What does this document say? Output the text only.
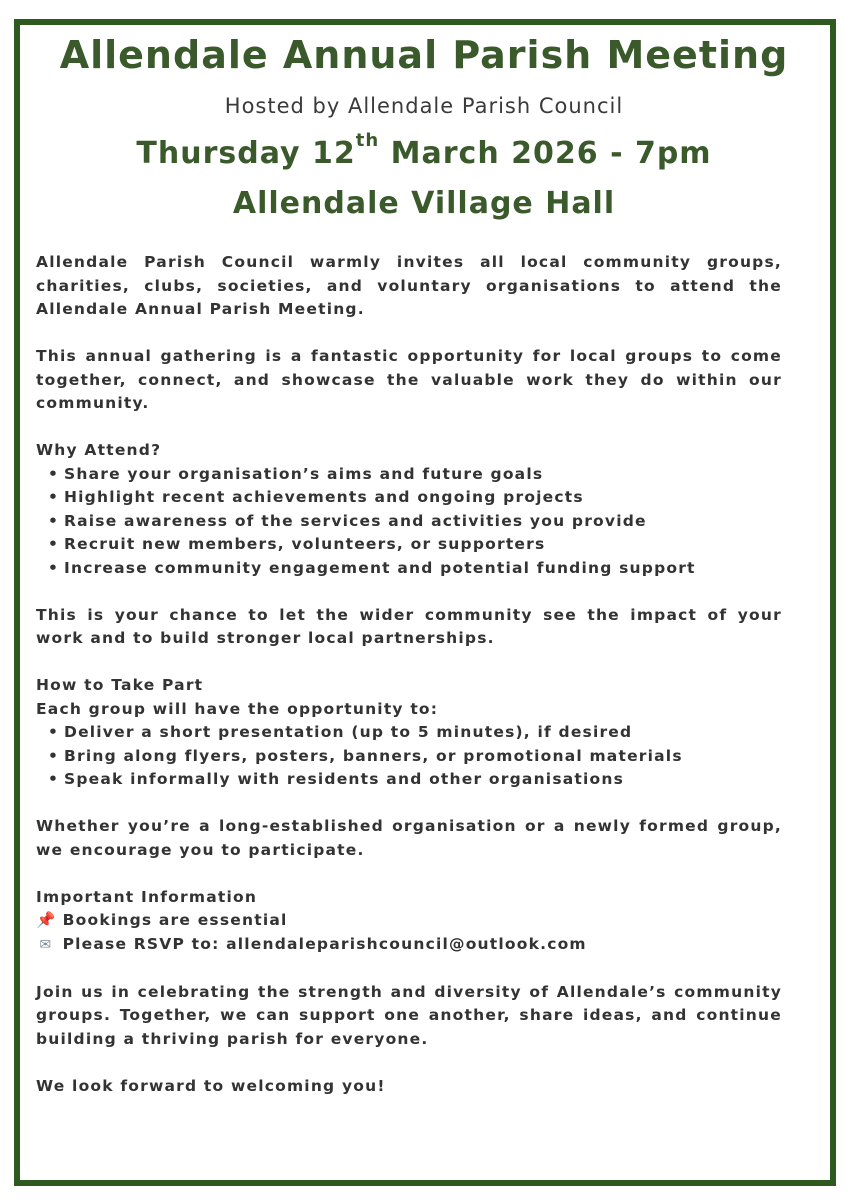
Allendale Annual Parish Meeting
Hosted by Allendale Parish Council
Thursday 12th March 2026 - 7pm
Allendale Village Hall

Allendale Parish Council warmly invites all local community groups, charities, clubs, societies, and voluntary organisations to attend the Allendale Annual Parish Meeting.

This annual gathering is a fantastic opportunity for local groups to come together, connect, and showcase the valuable work they do within our community.

Why Attend?
• Share your organisation’s aims and future goals
• Highlight recent achievements and ongoing projects
• Raise awareness of the services and activities you provide
• Recruit new members, volunteers, or supporters
• Increase community engagement and potential funding support

This is your chance to let the wider community see the impact of your work and to build stronger local partnerships.

How to Take Part
Each group will have the opportunity to:
• Deliver a short presentation (up to 5 minutes), if desired
• Bring along flyers, posters, banners, or promotional materials
• Speak informally with residents and other organisations

Whether you’re a long-established organisation or a newly formed group, we encourage you to participate.

Important Information
📌 Bookings are essential
✉ Please RSVP to: allendaleparishcouncil@outlook.com

Join us in celebrating the strength and diversity of Allendale’s community groups. Together, we can support one another, share ideas, and continue building a thriving parish for everyone.

We look forward to welcoming you!
